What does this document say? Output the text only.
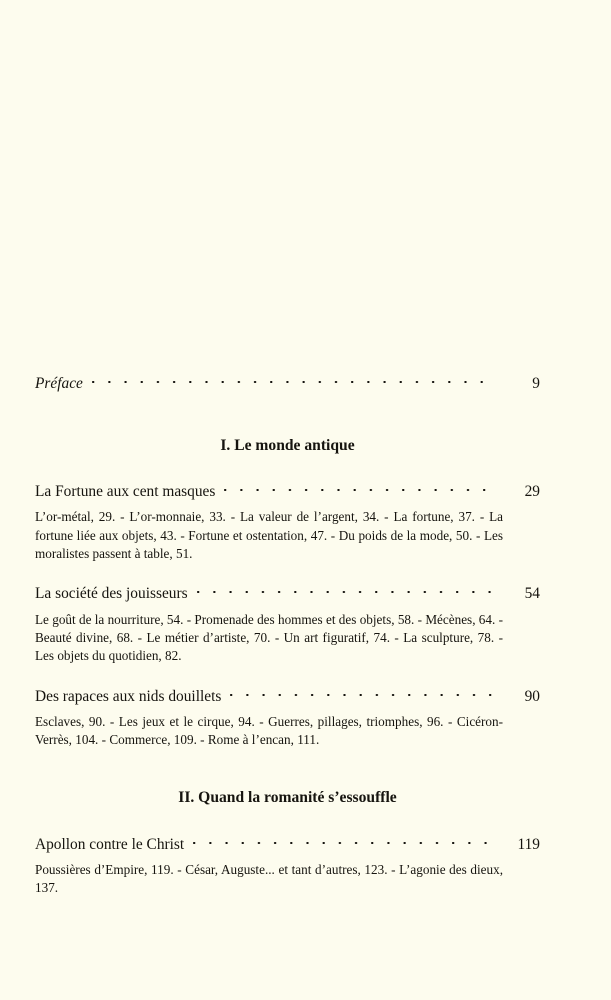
Préface	9
I. Le monde antique
La Fortune aux cent masques	29

L’or-métal, 29. - L’or-monnaie, 33. - La valeur de l’argent, 34. - La fortune, 37. - La fortune liée aux objets, 43. - Fortune et ostentation, 47. - Du poids de la mode, 50. - Les moralistes passent à table, 51.

La société des jouisseurs	54

Le goût de la nourriture, 54. - Promenade des hommes et des objets, 58. - Mécènes, 64. - Beauté divine, 68. - Le métier d’artiste, 70. - Un art figuratif, 74. - La sculpture, 78. - Les objets du quotidien, 82.

Des rapaces aux nids douillets	90

Esclaves, 90. - Les jeux et le cirque, 94. - Guerres, pillages, triomphes, 96. - Cicéron-Verrès, 104. - Commerce, 109. - Rome à l’encan, 111.

II. Quand la romanité s’essouffle
Apollon contre le Christ	119

Poussières d’Empire, 119. - César, Auguste... et tant d’autres, 123. - L’agonie des dieux, 137.
